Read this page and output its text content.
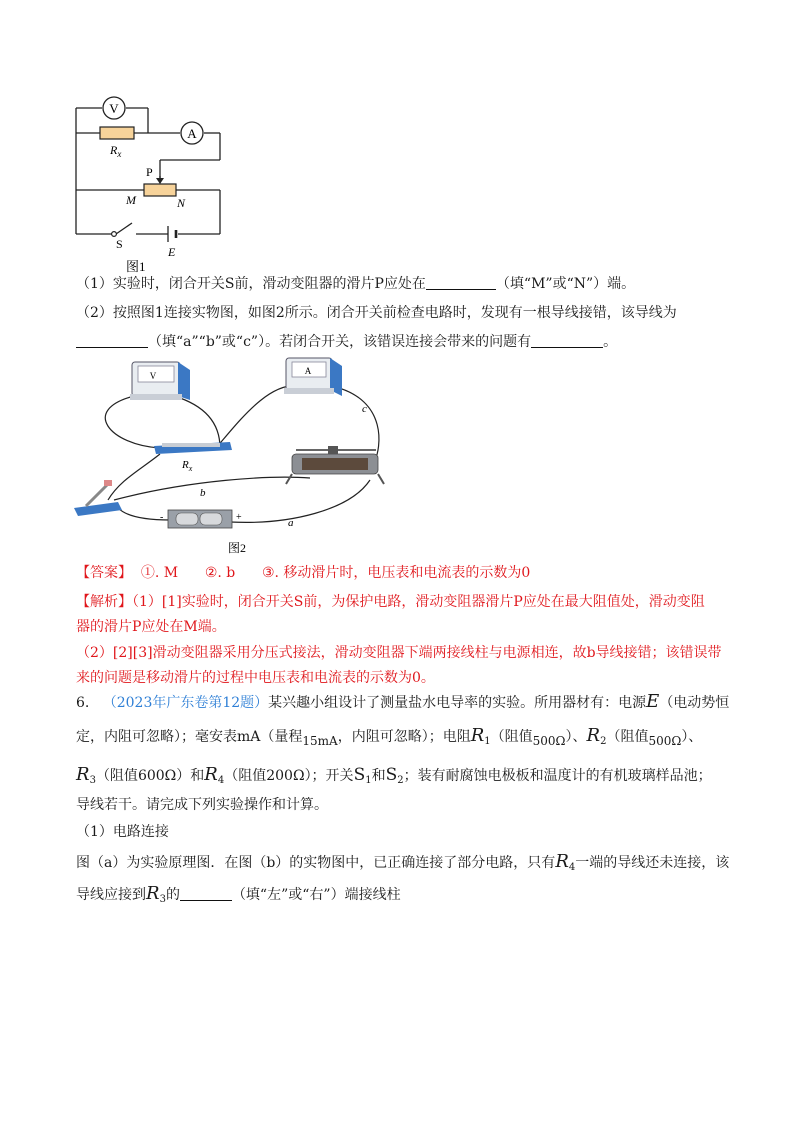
V
A
$R_x$
P
M	N
S
E
图1
（1）实验时，闭合开关S前，滑动变阻器的滑片P应处在	（填“M”或“N”）端。
（2）按照图1连接实物图，如图2所示。闭合开关前检查电路时，发现有一根导线接错，该导线为
（填“a”“b”或“c”）。若闭合开关，该错误连接会带来的问题有	。
V	A
$R_x$
-	+
c
b
a
图2
【答案】 ①. M ②. b ③. 移动滑片时，电压表和电流表的示数为0
【解析】（1）[1]实验时，闭合开关S前，为保护电路，滑动变阻器滑片P应处在最大阻值处，滑动变阻
器的滑片P应处在M端。
（2）[2][3]滑动变阻器采用分压式接法，滑动变阻器下端两接线柱与电源相连，故b导线接错；该错误带
来的问题是移动滑片的过程中电压表和电流表的示数为0。
6. （2023年广东卷第12题）某兴趣小组设计了测量盐水电导率的实验。所用器材有：电源E（电动势恒
定，内阻可忽略）；毫安表mA（量程15mA，内阻可忽略）；电阻$R_1$（阻值500Ω）、$R_2$（阻值500Ω）、
$R_3$（阻值600Ω）和$R_4$（阻值200Ω）；开关$S_1$和$S_2$；装有耐腐蚀电极板和温度计的有机玻璃样品池；
导线若干。请完成下列实验操作和计算。
（1）电路连接
图（a）为实验原理图．在图（b）的实物图中，已正确连接了部分电路，只有$R_4$一端的导线还未连接，该
导线应接到$R_3$的	（填“左”或“右”）端接线柱
